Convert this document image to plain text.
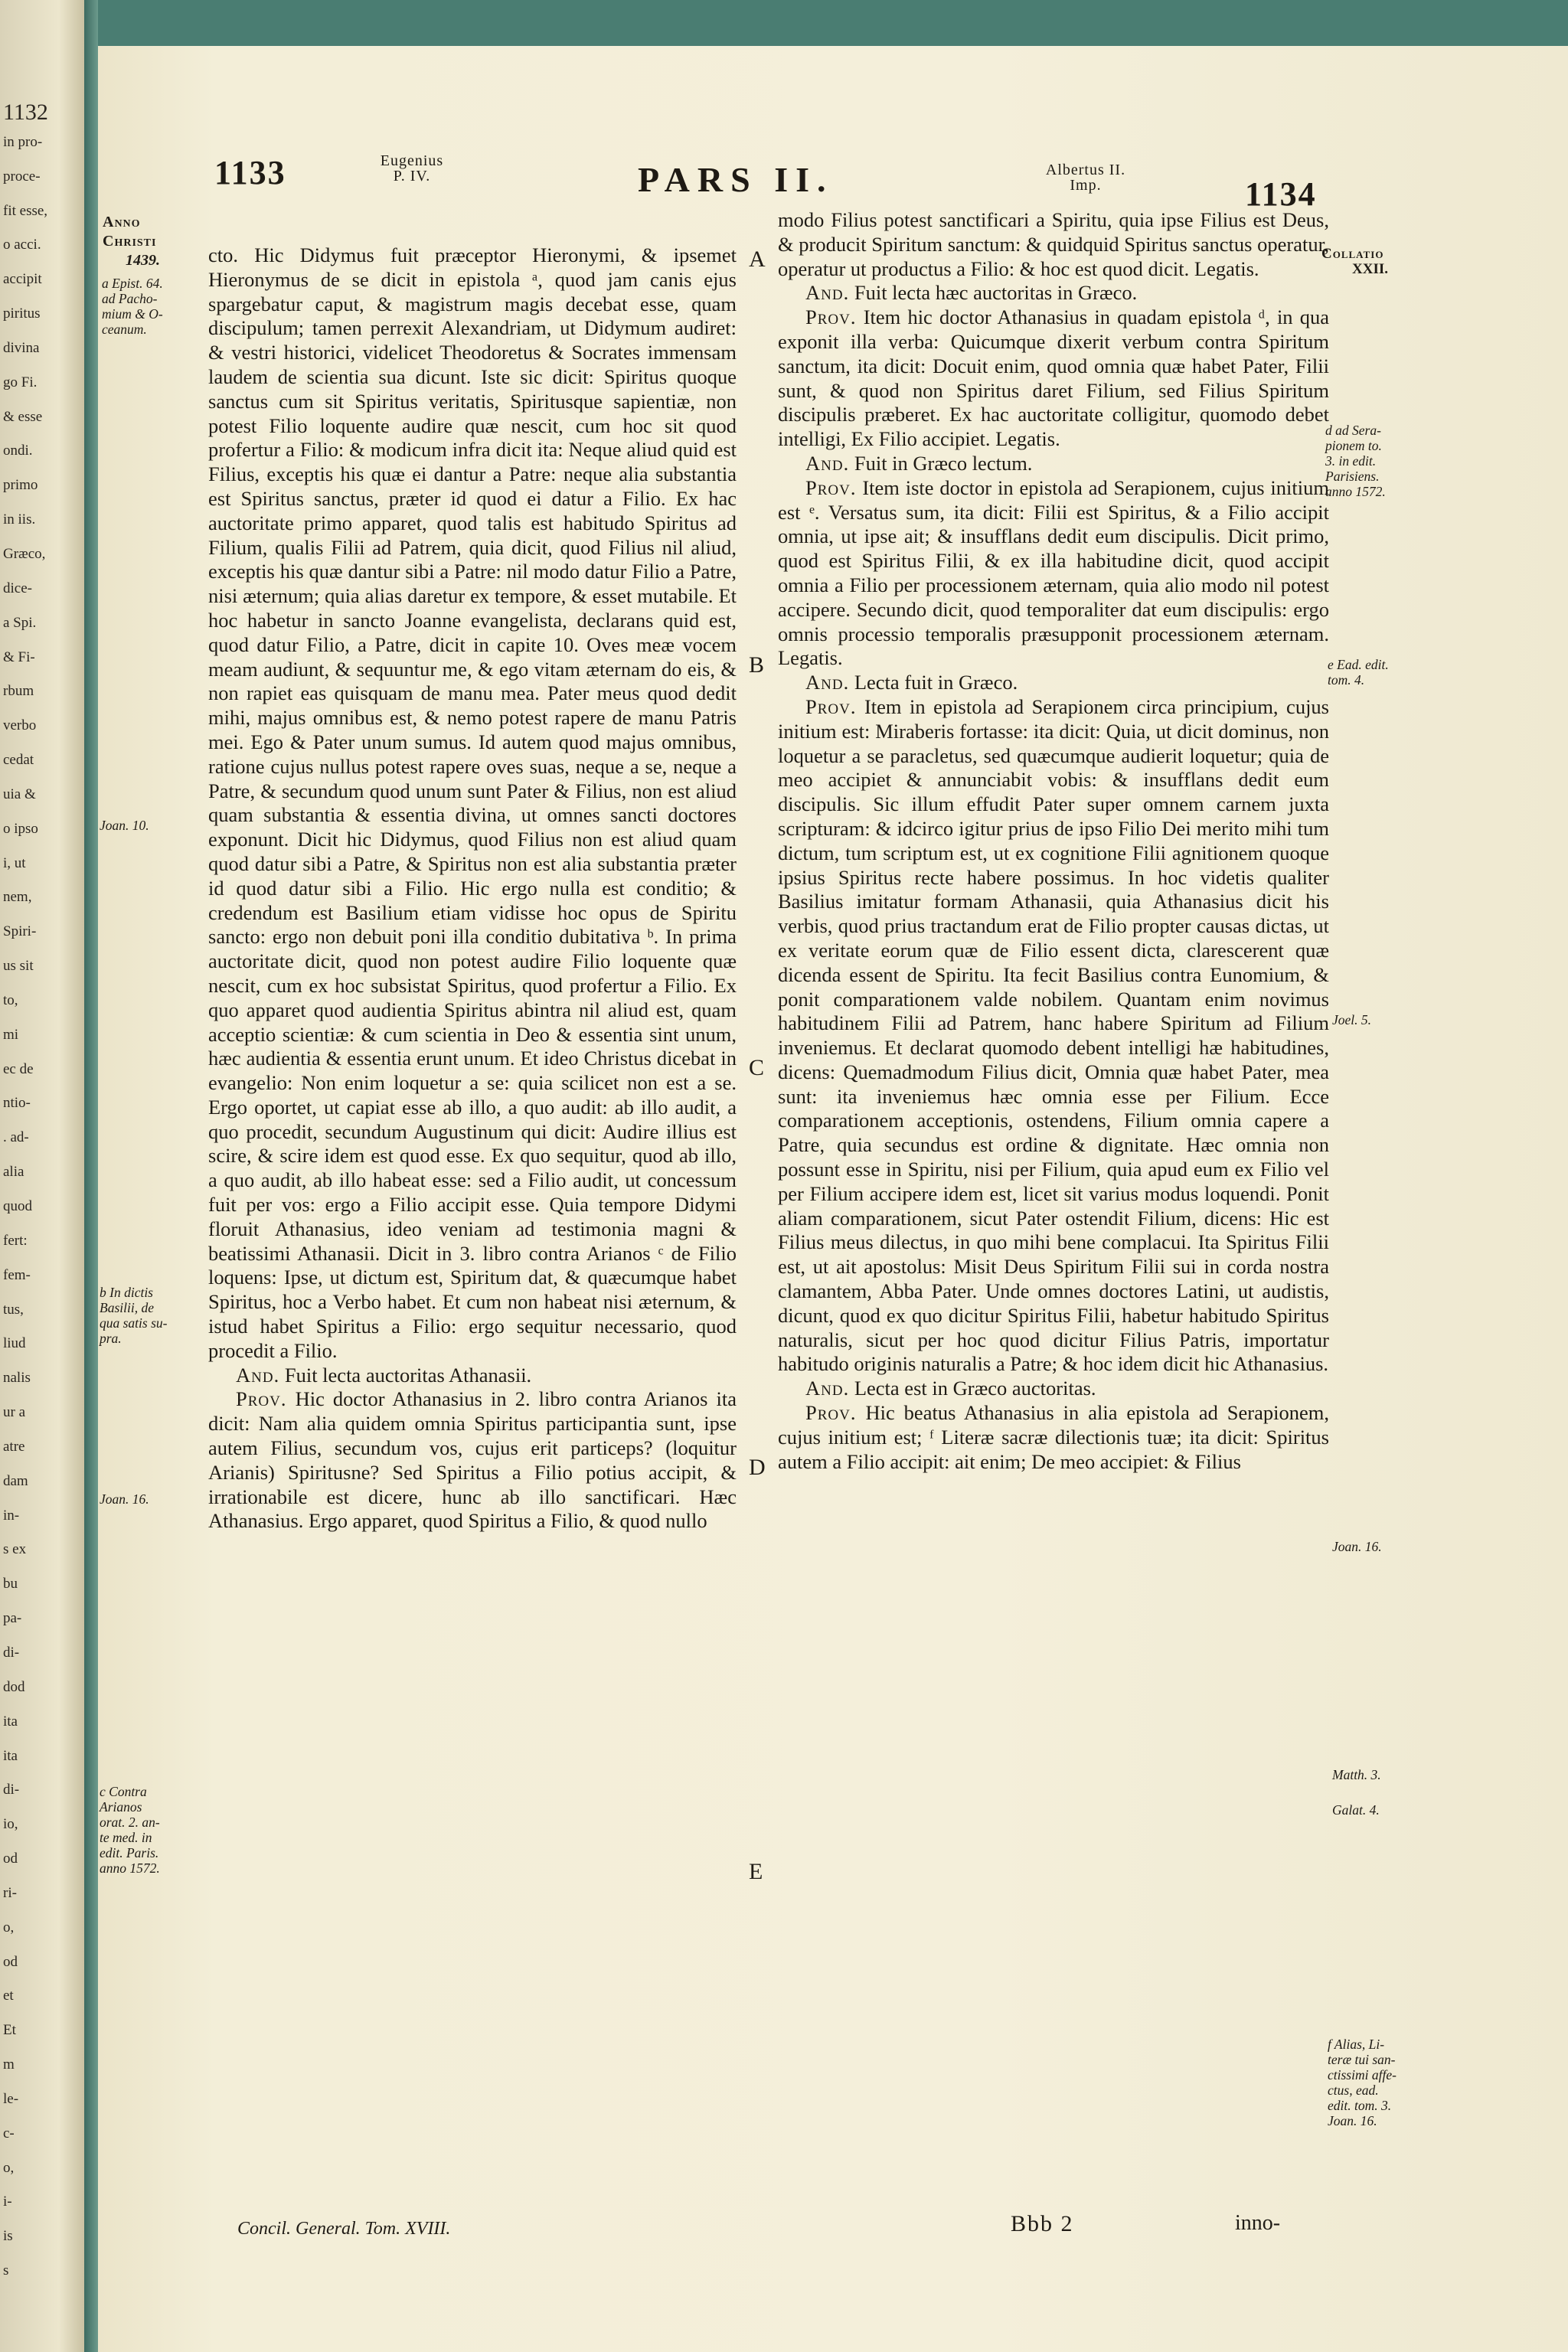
1132
in pro-
proce-
fit esse,
o acci.
accipit
piritus
divina
go Fi.
& esse
ondi.
primo
in iis.
Græco,
dice-
a Spi.
& Fi-
rbum
verbo
cedat
uia &
o ipso
i, ut
nem,
Spiri-
us sit
to,
mi
ec de
ntio-
. ad-
alia
quod
fert:
fem-
tus,
liud
nalis
ur a
atre
dam
in-
s ex
bu
pa-
di-
dod
ita
ita
di-
io,
od
ri-
o,
od
et
Et
m
le-
c-
o,
i-
is
s
1133	Eugenius
P. IV.	PARS II.	Albertus II.
Imp.	1134
Anno
Christi
1439.
a Epist. 64.
ad Pacho-
mium & O-
ceanum.
Joan. 10.
b In dictis
Basilii, de
qua satis su-
pra.
Joan. 16.
c Contra
Arianos
orat. 2. an-
te med. in
edit. Paris.
anno 1572.
A
B
C
D
E

cto. Hic Didymus fuit præceptor Hieronymi, & ipsemet Hieronymus de se dicit in epistola ᵃ, quod jam canis ejus spargebatur caput, & magistrum magis decebat esse, quam discipulum; tamen perrexit Alexandriam, ut Didymum audiret: & vestri historici, videlicet Theodoretus & Socrates immensam laudem de scientia sua dicunt. Iste sic dicit: Spiritus quoque sanctus cum sit Spiritus veritatis, Spiritusque sapientiæ, non potest Filio loquente audire quæ nescit, cum hoc sit quod profertur a Filio: & modicum infra dicit ita: Neque aliud quid est Filius, exceptis his quæ ei dantur a Patre: neque alia substantia est Spiritus sanctus, præter id quod ei datur a Filio. Ex hac auctoritate primo apparet, quod talis est habitudo Spiritus ad Filium, qualis Filii ad Patrem, quia dicit, quod Filius nil aliud, exceptis his quæ dantur sibi a Patre: nil modo datur Filio a Patre, nisi æternum; quia alias daretur ex tempore, & esset mutabile. Et hoc habetur in sancto Joanne evangelista, declarans quid est, quod datur Filio, a Patre, dicit in capite 10. Oves meæ vocem meam audiunt, & sequuntur me, & ego vitam æternam do eis, & non rapiet eas quisquam de manu mea. Pater meus quod dedit mihi, majus omnibus est, & nemo potest rapere de manu Patris mei. Ego & Pater unum sumus. Id autem quod majus omnibus, ratione cujus nullus potest rapere oves suas, neque a se, neque a Patre, & secundum quod unum sunt Pater & Filius, non est aliud quam substantia & essentia divina, ut omnes sancti doctores exponunt. Dicit hic Didymus, quod Filius non est aliud quam quod datur sibi a Patre, & Spiritus non est alia substantia præter id quod datur sibi a Filio. Hic ergo nulla est conditio; & credendum est Basilium etiam vidisse hoc opus de Spiritu sancto: ergo non debuit poni illa conditio dubitativa ᵇ. In prima auctoritate dicit, quod non potest audire Filio loquente quæ nescit, cum ex hoc subsistat Spiritus, quod profertur a Filio. Ex quo apparet quod audientia Spiritus abintra nil aliud est, quam acceptio scientiæ: & cum scientia in Deo & essentia sint unum, hæc audientia & essentia erunt unum. Et ideo Christus dicebat in evangelio: Non enim loquetur a se: quia scilicet non est a se. Ergo oportet, ut capiat esse ab illo, a quo audit: ab illo audit, a quo procedit, secundum Augustinum qui dicit: Audire illius est scire, & scire idem est quod esse. Ex quo sequitur, quod ab illo, a quo audit, ab illo habeat esse: sed a Filio audit, ut concessum fuit per vos: ergo a Filio accipit esse. Quia tempore Didymi floruit Athanasius, ideo veniam ad testimonia magni & beatissimi Athanasii. Dicit in 3. libro contra Arianos ᶜ de Filio loquens: Ipse, ut dictum est, Spiritum dat, & quæcumque habet Spiritus, hoc a Verbo habet. Et cum non habeat nisi æternum, & istud habet Spiritus a Filio: ergo sequitur necessario, quod procedit a Filio.

And. Fuit lecta auctoritas Athanasii.

Prov. Hic doctor Athanasius in 2. libro contra Arianos ita dicit: Nam alia quidem omnia Spiritus participantia sunt, ipse autem Filius, secundum vos, cujus erit particeps? (loquitur Arianis) Spiritusne? Sed Spiritus a Filio potius accipit, & irrationabile est dicere, hunc ab illo sanctificari. Hæc Athanasius. Ergo apparet, quod Spiritus a Filio, & quod nullo

Concil. General. Tom. XVIII.

modo Filius potest sanctificari a Spiritu, quia ipse Filius est Deus, & producit Spiritum sanctum: & quidquid Spiritus sanctus operatur, operatur ut productus a Filio: & hoc est quod dicit. Legatis.

And. Fuit lecta hæc auctoritas in Græco.

Prov. Item hic doctor Athanasius in quadam epistola ᵈ, in qua exponit illa verba: Quicumque dixerit verbum contra Spiritum sanctum, ita dicit: Docuit enim, quod omnia quæ habet Pater, Filii sunt, & quod non Spiritus daret Filium, sed Filius Spiritum discipulis præberet. Ex hac auctoritate colligitur, quomodo debet intelligi, Ex Filio accipiet. Legatis.

And. Fuit in Græco lectum.

Prov. Item iste doctor in epistola ad Serapionem, cujus initium est ᵉ. Versatus sum, ita dicit: Filii est Spiritus, & a Filio accipit omnia, ut ipse ait; & insufflans dedit eum discipulis. Dicit primo, quod est Spiritus Filii, & ex illa habitudine dicit, quod accipit omnia a Filio per processionem æternam, quia alio modo nil potest accipere. Secundo dicit, quod temporaliter dat eum discipulis: ergo omnis processio temporalis præsupponit processionem æternam. Legatis.

And. Lecta fuit in Græco.

Prov. Item in epistola ad Serapionem circa principium, cujus initium est: Miraberis fortasse: ita dicit: Quia, ut dicit dominus, non loquetur a se paracletus, sed quæcumque audierit loquetur; quia de meo accipiet & annunciabit vobis: & insufflans dedit eum discipulis. Sic illum effudit Pater super omnem carnem juxta scripturam: & idcirco igitur prius de ipso Filio Dei merito mihi tum dictum, tum scriptum est, ut ex cognitione Filii agnitionem quoque ipsius Spiritus recte habere possimus. In hoc videtis qualiter Basilius imitatur formam Athanasii, quia Athanasius dicit his verbis, quod prius tractandum erat de Filio propter causas dictas, ut ex veritate eorum quæ de Filio essent dicta, clarescerent quæ dicenda essent de Spiritu. Ita fecit Basilius contra Eunomium, & ponit comparationem valde nobilem. Quantam enim novimus habitudinem Filii ad Patrem, hanc habere Spiritum ad Filium inveniemus. Et declarat quomodo debent intelligi hæ habitudines, dicens: Quemadmodum Filius dicit, Omnia quæ habet Pater, mea sunt: ita inveniemus hæc omnia esse per Filium. Ecce comparationem acceptionis, ostendens, Filium omnia capere a Patre, quia secundus est ordine & dignitate. Hæc omnia non possunt esse in Spiritu, nisi per Filium, quia apud eum ex Filio vel per Filium accipere idem est, licet sit varius modus loquendi. Ponit aliam comparationem, sicut Pater ostendit Filium, dicens: Hic est Filius meus dilectus, in quo mihi bene complacui. Ita Spiritus Filii est, ut ait apostolus: Misit Deus Spiritum Filii sui in corda nostra clamantem, Abba Pater. Unde omnes doctores Latini, ut audistis, dicunt, quod ex quo dicitur Spiritus Filii, habetur habitudo Spiritus naturalis, sicut per hoc quod dicitur Filius Patris, importatur habitudo originis naturalis a Patre; & hoc idem dicit hic Athanasius.

And. Lecta est in Græco auctoritas.

Prov. Hic beatus Athanasius in alia epistola ad Serapionem, cujus initium est; ᶠ Literæ sacræ dilectionis tuæ; ita dicit: Spiritus autem a Filio accipit: ait enim; De meo accipiet: & Filius

Bbb 2	inno-
Collatio
XXII.
d ad Sera-
pionem to.
3. in edit.
Parisiens.
anno 1572.
e Ead. edit.
tom. 4.
Joel. 5.
Joan. 16.
Matth. 3.
Galat. 4.
f Alias, Li-
teræ tui san-
ctissimi affe-
ctus, ead.
edit. tom. 3.
Joan. 16.
